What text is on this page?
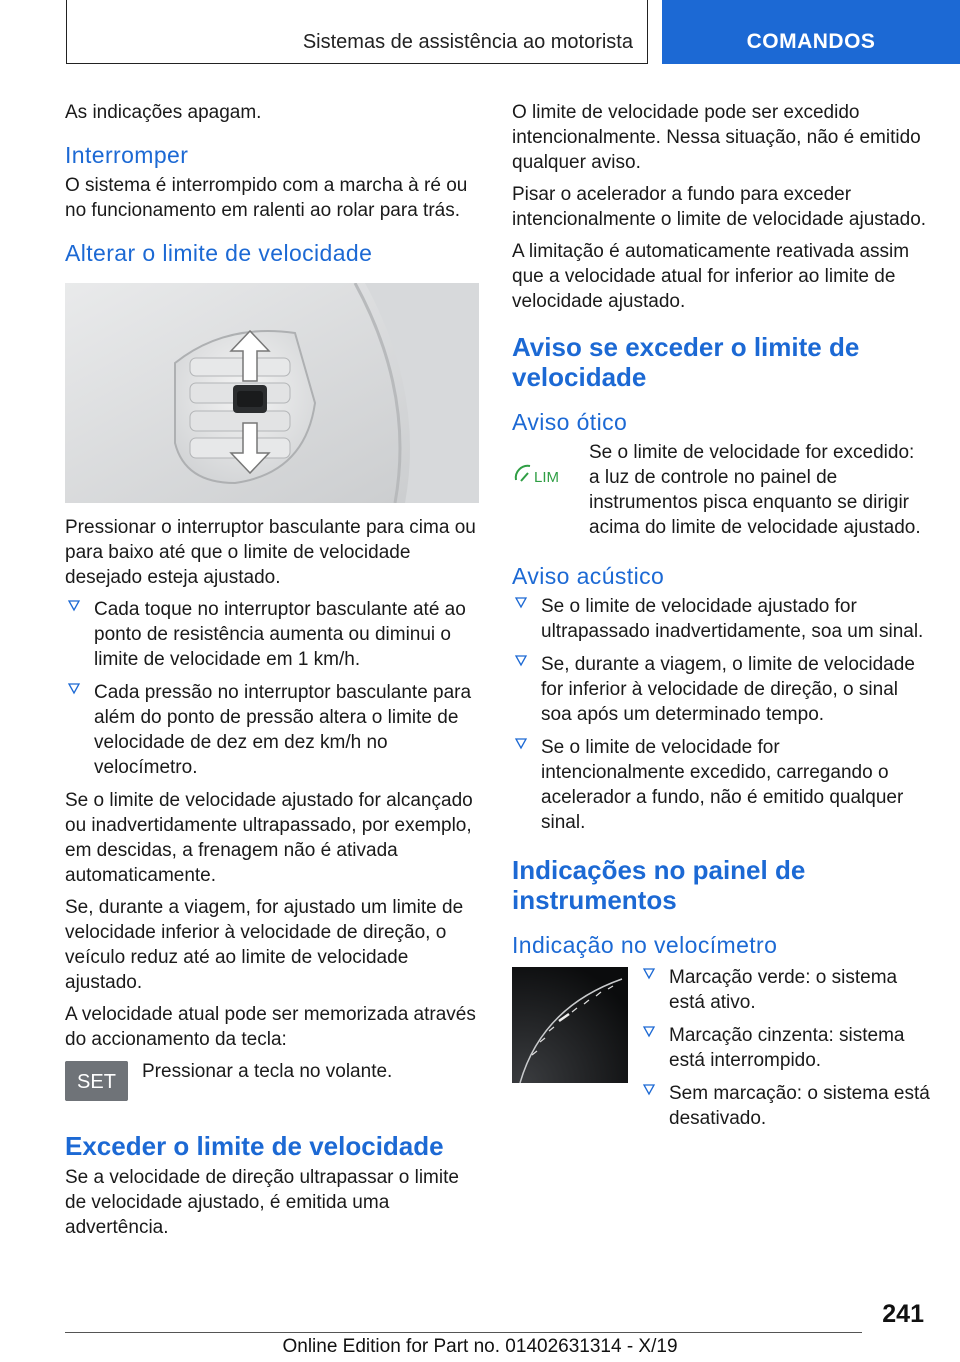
Sistemas de assistência ao motorista	COMANDOS

As indicações apagam.

Interromper

O sistema é interrompido com a marcha à ré ou no funcionamento em ralenti ao rolar para trás.

Alterar o limite de velocidade

Pressionar o interruptor basculante para cima ou para baixo até que o limite de velocidade desejado esteja ajustado.

Cada toque no interruptor basculante até ao ponto de resistência aumenta ou diminui o limite de velocidade em 1 km/h.
Cada pressão no interruptor basculante para além do ponto de pressão altera o limite de velocidade de dez em dez km/h no velocímetro.

Se o limite de velocidade ajustado for alcançado ou inadvertidamente ultrapassado, por exemplo, em descidas, a frenagem não é ativada automaticamente.

Se, durante a viagem, for ajustado um limite de velocidade inferior à velocidade de direção, o veículo reduz até ao limite de velocidade ajustado.

A velocidade atual pode ser memorizada através do accionamento da tecla:

SET Pressionar a tecla no volante.
Exceder o limite de velocidade

Se a velocidade de direção ultrapassar o limite de velocidade ajustado, é emitida uma advertência.

O limite de velocidade pode ser excedido intencionalmente. Nessa situação, não é emitido qualquer aviso.

Pisar o acelerador a fundo para exceder intencionalmente o limite de velocidade ajustado.

A limitação é automaticamente reativada assim que a velocidade atual for inferior ao limite de velocidade ajustado.

Aviso se exceder o limite de velocidade
Aviso ótico
LIM

Se o limite de velocidade for excedido: a luz de controle no painel de instrumentos pisca enquanto se dirigir acima do limite de velocidade ajustado.

Aviso acústico
Se o limite de velocidade ajustado for ultrapassado inadvertidamente, soa um sinal.
Se, durante a viagem, o limite de velocidade for inferior à velocidade de direção, o sinal soa após um determinado tempo.
Se o limite de velocidade for intencionalmente excedido, carregando o acelerador a fundo, não é emitido qualquer sinal.
Indicações no painel de instrumentos
Indicação no velocímetro
Marcação verde: o sistema está ativo.
Marcação cinzenta: sistema está interrompido.
Sem marcação: o sistema está desativado.
241
Online Edition for Part no. 01402631314 - X/19
